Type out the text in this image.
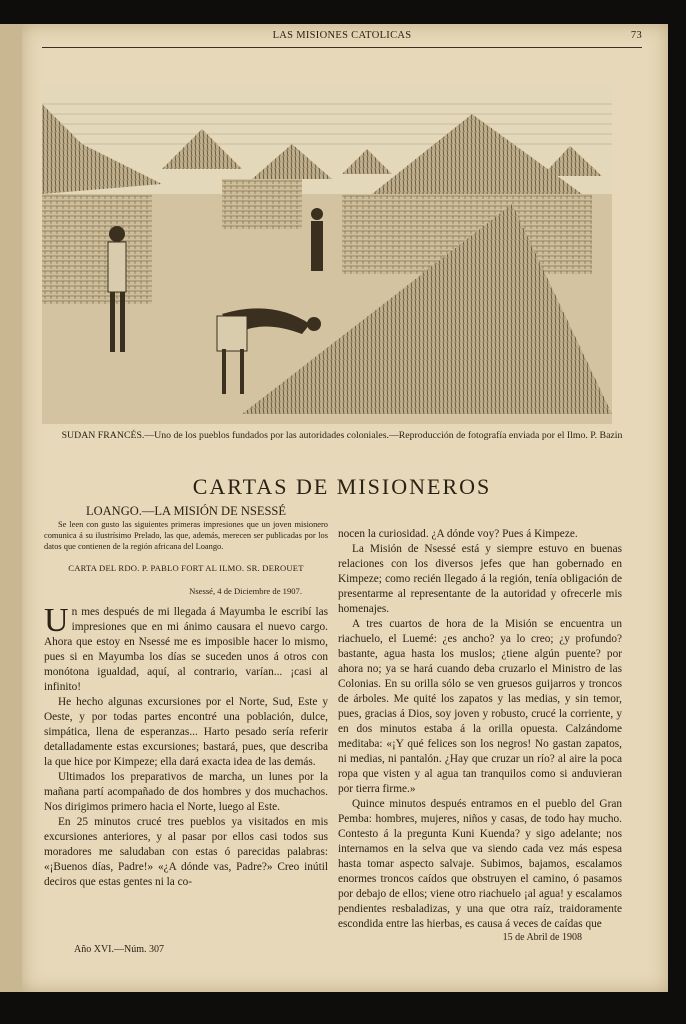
LAS MISIONES CATOLICAS	73
SUDAN FRANCÉS.—Uno de los pueblos fundados por las autoridades coloniales.—Reproducción de fotografía enviada por el Ilmo. P. Bazin
CARTAS DE MISIONEROS

LOANGO.—LA MISIÓN DE NSESSÉ

Se leen con gusto las siguientes primeras impresiones que un joven misionero comunica á su ilustrísimo Prelado, las que, además, merecen ser publicadas por los datos que contienen de la región africana del Loango.

CARTA DEL RDO. P. PABLO FORT AL ILMO. SR. DEROUET

Nsessé, 4 de Diciembre de 1907.

Un mes después de mi llegada á Mayumba le escribí las impresiones que en mi ánimo causara el nuevo cargo. Ahora que estoy en Nsessé me es imposible hacer lo mismo, pues si en Mayumba los días se suceden unos á otros con monótona igualdad, aquí, al contrario, varían... ¡casi al infinito!

He hecho algunas excursiones por el Norte, Sud, Este y Oeste, y por todas partes encontré una población, dulce, simpática, llena de esperanzas... Harto pesado sería referir detalladamente estas excursiones; bastará, pues, que describa la que hice por Kimpeze; ella dará exacta idea de las demás.

Ultimados los preparativos de marcha, un lunes por la mañana partí acompañado de dos hombres y dos muchachos. Nos dirigimos primero hacia el Norte, luego al Este.

En 25 minutos crucé tres pueblos ya visitados en mis excursiones anteriores, y al pasar por ellos casi todos sus moradores me saludaban con estas ó parecidas palabras: «¡Buenos días, Padre!» «¿A dónde vas, Padre?» Creo inútil deciros que estas gentes ni la co-

nocen la curiosidad. ¿A dónde voy? Pues á Kimpeze.

La Misión de Nsessé está y siempre estuvo en buenas relaciones con los diversos jefes que han gobernado en Kimpeze; como recién llegado á la región, tenía obligación de presentarme al representante de la autoridad y ofrecerle mis homenajes.

A tres cuartos de hora de la Misión se encuentra un riachuelo, el Luemé: ¿es ancho? ya lo creo; ¿y profundo? bastante, agua hasta los muslos; ¿tiene algún puente? por ahora no; ya se hará cuando deba cruzarlo el Ministro de las Colonias. En su orilla sólo se ven gruesos guijarros y troncos de árboles. Me quité los zapatos y las medias, y sin temor, pues, gracias á Dios, soy joven y robusto, crucé la corriente, y en dos minutos estaba á la orilla opuesta. Calzándome meditaba: «¡Y qué felices son los negros! No gastan zapatos, ni medias, ni pantalón. ¿Hay que cruzar un río? al aire la poca ropa que visten y al agua tan tranquilos como si anduvieran por tierra firme.»

Quince minutos después entramos en el pueblo del Gran Pemba: hombres, mujeres, niños y casas, de todo hay mucho. Contesto á la pregunta Kuni Kuenda? y sigo adelante; nos internamos en la selva que va siendo cada vez más espesa hasta tomar aspecto salvaje. Subimos, bajamos, escalamos enormes troncos caídos que obstruyen el camino, ó pasamos por debajo de ellos; viene otro riachuelo ¡al agua! y escalamos pendientes resbaladizas, y una que otra raíz, traidoramente escondida entre las hierbas, es causa á veces de caídas que

Año XVI.—Núm. 307
15 de Abril de 1908
